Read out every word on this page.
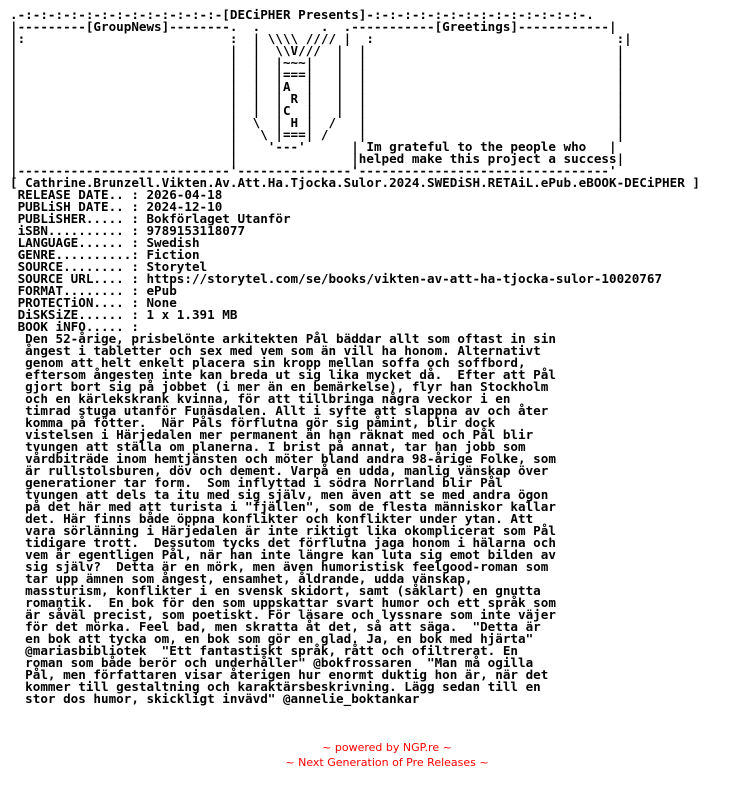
.-:-:-:-:-:-:-:-:-:-:-:-:-:-[DECiPHER Presents]-:-:-:-:-:-:-:-:-:-:-:-:-:-:-.
|---------[GroupNews]--------.  .        .  .-----------[Greetings]------------|
|:                           :  | \\\\ //// |  :                                :|
|                            |  |  \\V///  |  |                                 |
|                            |  |  |~~~|   |  |                                 |
|                            |  |  |===|   |  |                                 |
|                            |  |  |A  |   |  |                                 |
|                            |  |  | R |   |  |                                 |
|                            |  |  |C  |   |  |                                 |
|                            |  \  | H |  /   |                                 |
|                            |   \ |===| /    |                                 |
|                            |    '---'      | Im grateful to the people who   |
|                            |               |helped make this project a success|
|----------------------------'---------------'---------------------------------'
[ Cathrine.Brunzell.Vikten.Av.Att.Ha.Tjocka.Sulor.2024.SWEDiSH.RETAiL.ePub.eBOOK-DECiPHER ]
RELEASE DATE.. : 2026-04-18
PUBLiSH DATE.. : 2024-12-10
PUBLiSHER..... : Bokförlaget Utanför
iSBN.......... : 9789153118077
LANGUAGE...... : Swedish
GENRE..........: Fiction
SOURCE........ : Storytel
SOURCE URL.... : https://storytel.com/se/books/vikten-av-att-ha-tjocka-sulor-10020767
FORMAT........ : ePub
PROTECTiON.... : None
DiSKSiZE...... : 1 x 1.391 MB
BOOK iNFO..... :
Den 52-årige, prisbelönte arkitekten Pål bäddar allt som oftast in sin
ångest i tabletter och sex med vem som än vill ha honom. Alternativt
genom att helt enkelt placera sin kropp mellan soffa och soffbord,
eftersom ångesten inte kan breda ut sig lika mycket då.  Efter att Pål
gjort bort sig på jobbet (i mer än en bemärkelse), flyr han Stockholm
och en kärlekskrank kvinna, för att tillbringa några veckor i en
timrad stuga utanför Funäsdalen. Allt i syfte att slappna av och åter
komma på fötter.  När Påls förflutna gör sig påmint, blir dock
vistelsen i Härjedalen mer permanent än han räknat med och Pål blir
tvungen att ställa om planerna. I brist på annat, tar han jobb som
vårdbiträde inom hemtjänsten och möter bland andra 98-årige Folke, som
är rullstolsburen, döv och dement. Varpå en udda, manlig vänskap över
generationer tar form.  Som inflyttad i södra Norrland blir Pål
tvungen att dels ta itu med sig själv, men även att se med andra ögon
på det här med att turista i "fjällen", som de flesta människor kallar
det. Här finns både öppna konflikter och konflikter under ytan. Att
vara sörlänning i Härjedalen är inte riktigt lika okomplicerat som Pål
tidigare trott.  Dessutom tycks det förflutna jaga honom i hälarna och
vem är egentligen Pål, när han inte längre kan luta sig emot bilden av
sig själv?  Detta är en mörk, men även humoristisk feelgood-roman som
tar upp ämnen som ångest, ensamhet, åldrande, udda vänskap,
massturism, konflikter i en svensk skidort, samt (såklart) en gnutta
romantik.  En bok för den som uppskattar svart humor och ett språk som
är såväl precist, som poetiskt. För läsare och lyssnare som inte väjer
för det mörka. Feel bad, men skratta åt det, så att säga.  "Detta är
en bok att tycka om, en bok som gör en glad. Ja, en bok med hjärta"
@mariasbibliotek  "Ett fantastiskt språk, rått och ofiltrerat. En
roman som både berör och underhåller" @bokfrossaren  "Man må ogilla
Pål, men författaren visar återigen hur enormt duktig hon är, när det
kommer till gestaltning och karaktärsbeskrivning. Lägg sedan till en
stor dos humor, skickligt invävd" @annelie_boktankar
~ powered by NGP.re ~
~ Next Generation of Pre Releases ~
